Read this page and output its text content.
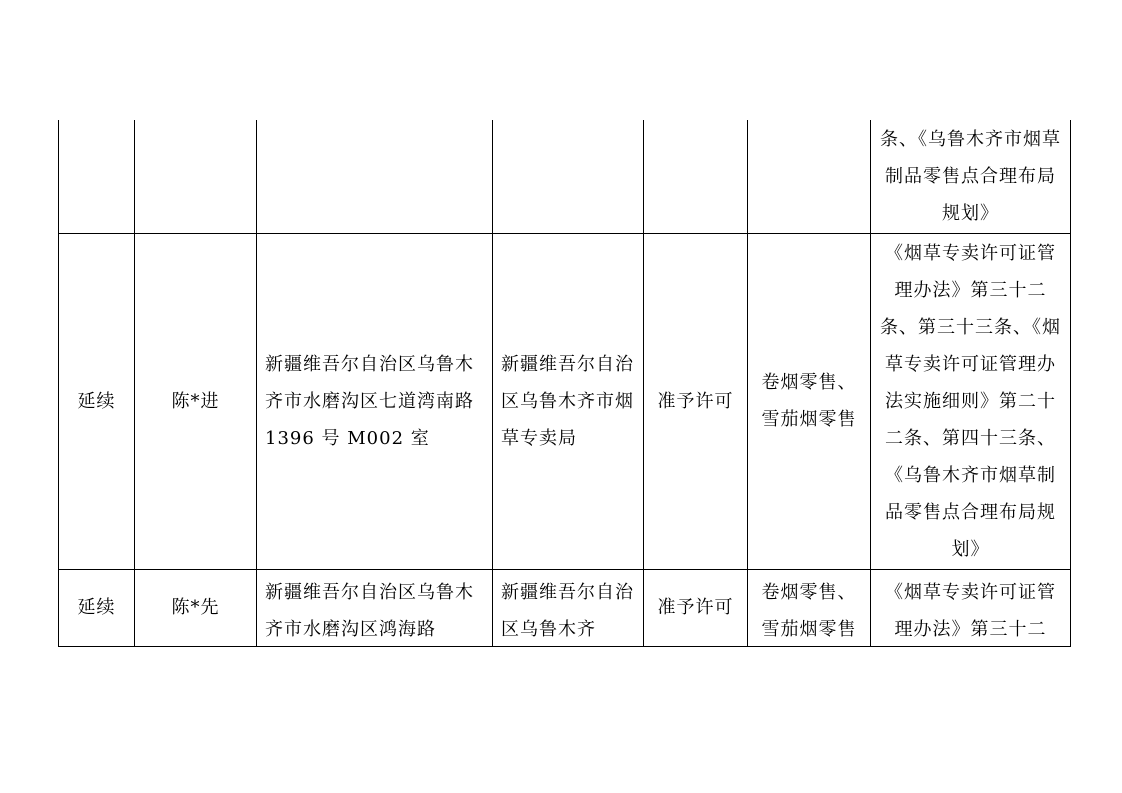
						条、《乌鲁木齐市烟草制品零售点合理布局规划》

延续	陈*进	新疆维吾尔自治区乌鲁木齐市水磨沟区七道湾南路 1396 号 M002 室	新疆维吾尔自治区乌鲁木齐市烟草专卖局	准予许可	卷烟零售、雪茄烟零售	《烟草专卖许可证管理办法》第三十二条、第三十三条、《烟草专卖许可证管理办法实施细则》第二十二条、第四十三条、《乌鲁木齐市烟草制品零售点合理布局规划》

延续	陈*先	新疆维吾尔自治区乌鲁木齐市水磨沟区鸿海路	新疆维吾尔自治区乌鲁木齐	准予许可	卷烟零售、雪茄烟零售	《烟草专卖许可证管理办法》第三十二
